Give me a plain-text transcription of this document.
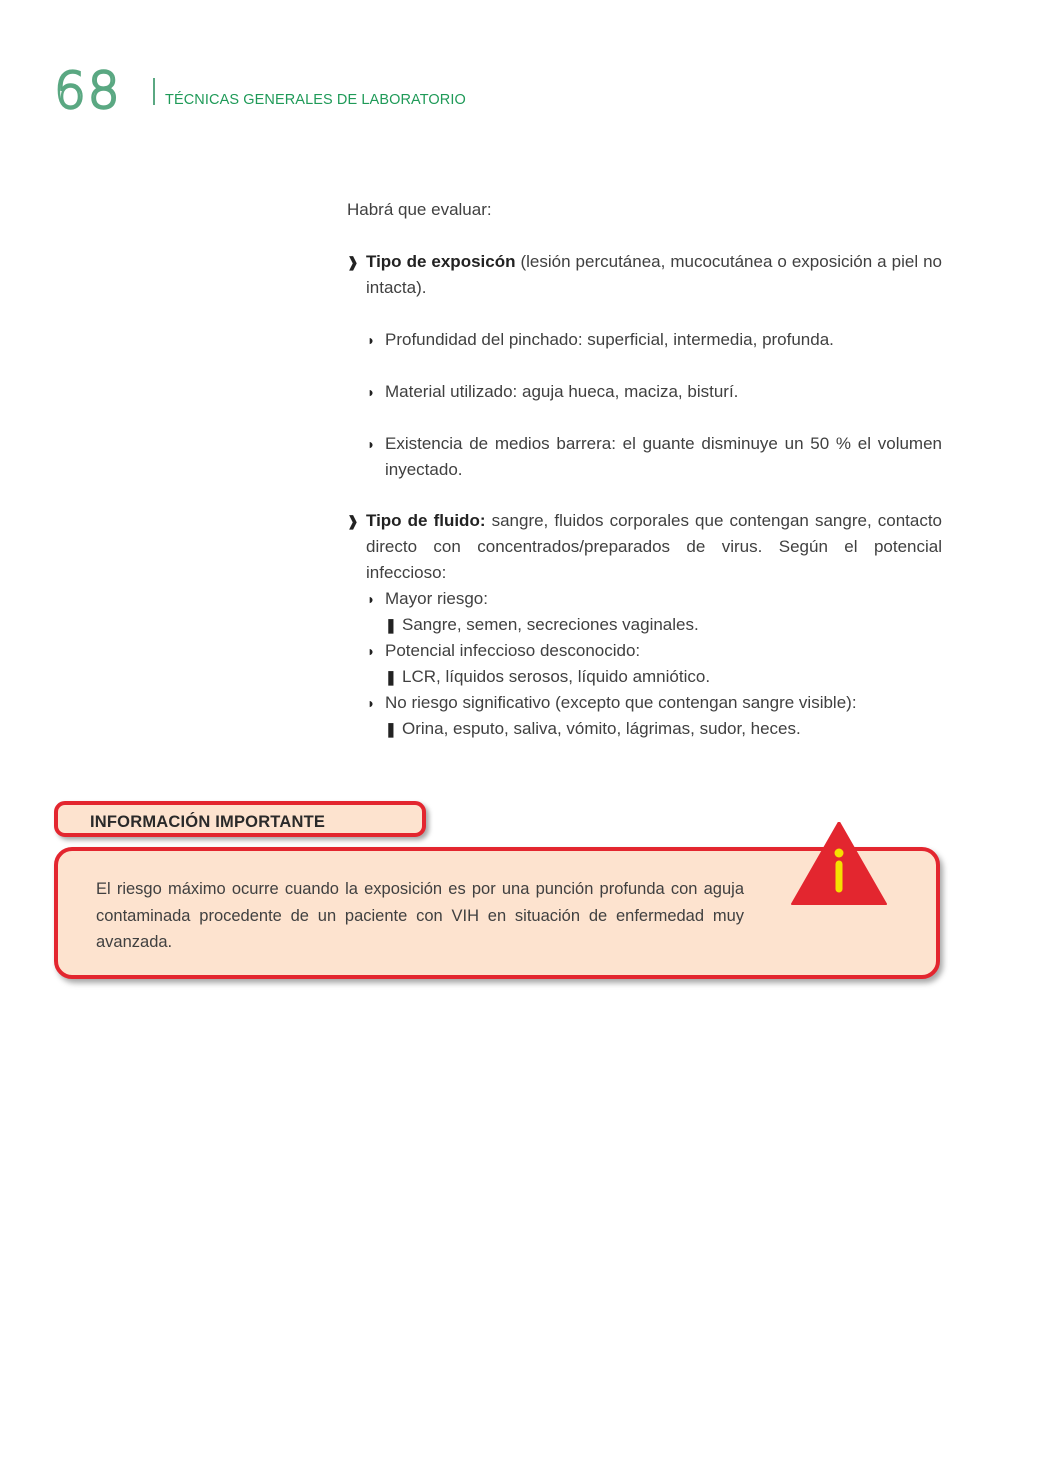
68	TÉCNICAS GENERALES DE LABORATORIO

Habrá que evaluar:

❱ Tipo de exposicón (lesión percutánea, mucocutánea o exposición a piel no intacta).
◗ Profundidad del pinchado: superficial, intermedia, profunda.
◗ Material utilizado: aguja hueca, maciza, bisturí.
◗ Existencia de medios barrera: el guante disminuye un 50 % el volumen inyectado.
❱ Tipo de fluido: sangre, fluidos corporales que contengan sangre, contacto directo con concentrados/preparados de virus. Según el potencial infeccioso:
◗ Mayor riesgo:
❚ Sangre, semen, secreciones vaginales.
◗ Potencial infeccioso desconocido:
❚ LCR, líquidos serosos, líquido amniótico.
◗ No riesgo significativo (excepto que contengan sangre visible):
❚ Orina, esputo, saliva, vómito, lágrimas, sudor, heces.
El riesgo máximo ocurre cuando la exposición es por una punción profunda con aguja contaminada procedente de un paciente con VIH en situación de enfermedad muy avanzada.
INFORMACIÓN IMPORTANTE
